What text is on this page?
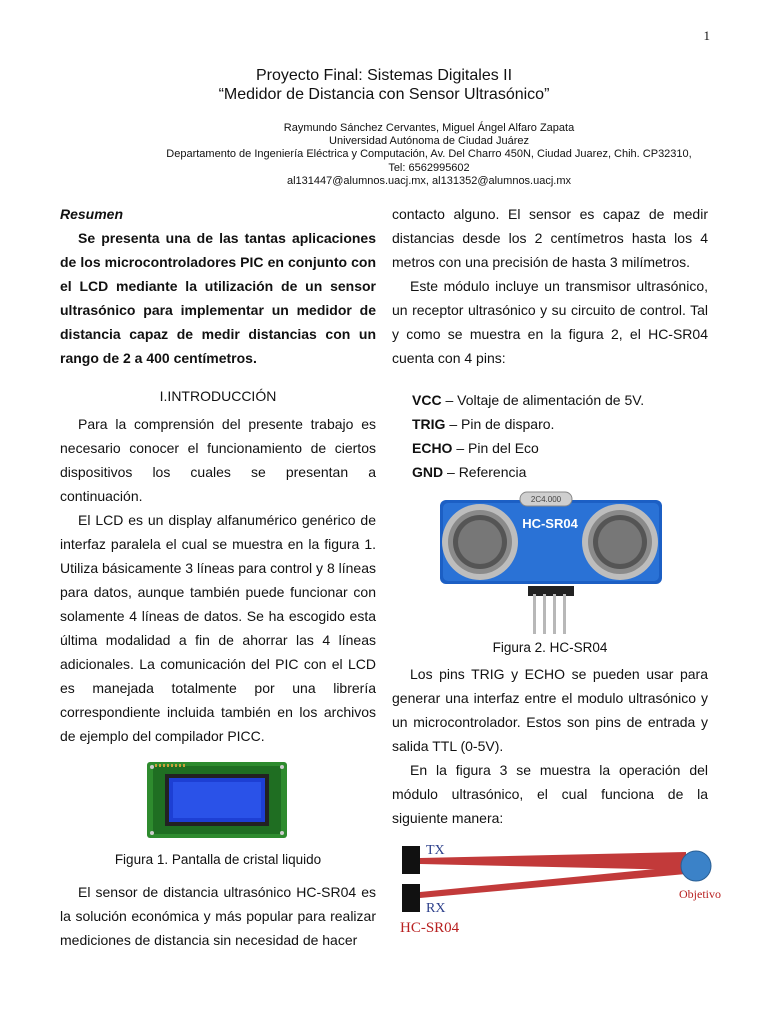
1
Proyecto Final: Sistemas Digitales II
“Medidor de Distancia con Sensor Ultrasónico”
Raymundo Sánchez Cervantes, Miguel Ángel Alfaro Zapata
Universidad Autónoma de Ciudad Juárez
Departamento de Ingeniería Eléctrica y Computación, Av. Del Charro 450N, Ciudad Juarez, Chih. CP32310,
Tel: 6562995602
al131447@alumnos.uacj.mx, al131352@alumnos.uacj.mx
Resumen

Se presenta una de las tantas aplicaciones de los microcontroladores PIC en conjunto con el LCD mediante la utilización de un sensor ultrasónico para implementar un medidor de distancia capaz de medir distancias con un rango de 2 a 400 centímetros.

I.INTRODUCCIÓN

Para la comprensión del presente trabajo es necesario conocer el funcionamiento de ciertos dispositivos los cuales se presentan a continuación.

El LCD es un display alfanumérico genérico de interfaz paralela el cual se muestra en la figura 1. Utiliza básicamente 3 líneas para control y 8 líneas para datos, aunque también puede funcionar con solamente 4 líneas de datos. Se ha escogido esta última modalidad a fin de ahorrar las 4 líneas adicionales. La comunicación del PIC con el LCD es manejada totalmente por una librería correspondiente incluida también en los archivos de ejemplo del compilador PICC.

Figura 1. Pantalla de cristal liquido

El sensor de distancia ultrasónico HC-SR04 es la solución económica y más popular para realizar mediciones de distancia sin necesidad de hacer

contacto alguno. El sensor es capaz de medir distancias desde los 2 centímetros hasta los 4 metros con una precisión de hasta 3 milímetros.

Este módulo incluye un transmisor ultrasónico, un receptor ultrasónico y su circuito de control. Tal y como se muestra en la figura 2, el HC-SR04 cuenta con 4 pins:

VCC – Voltaje de alimentación de 5V.
TRIG – Pin de disparo.
ECHO – Pin del Eco
GND – Referencia
2C4.000
HC-SR04
Figura 2. HC-SR04

Los pins TRIG y ECHO se pueden usar para generar una interfaz entre el modulo ultrasónico y un microcontrolador. Estos son pins de entrada y salida TTL (0-5V).

En la figura 3 se muestra la operación del módulo ultrasónico, el cual funciona de la siguiente manera:

TX
RX
HC-SR04
Objetivo
